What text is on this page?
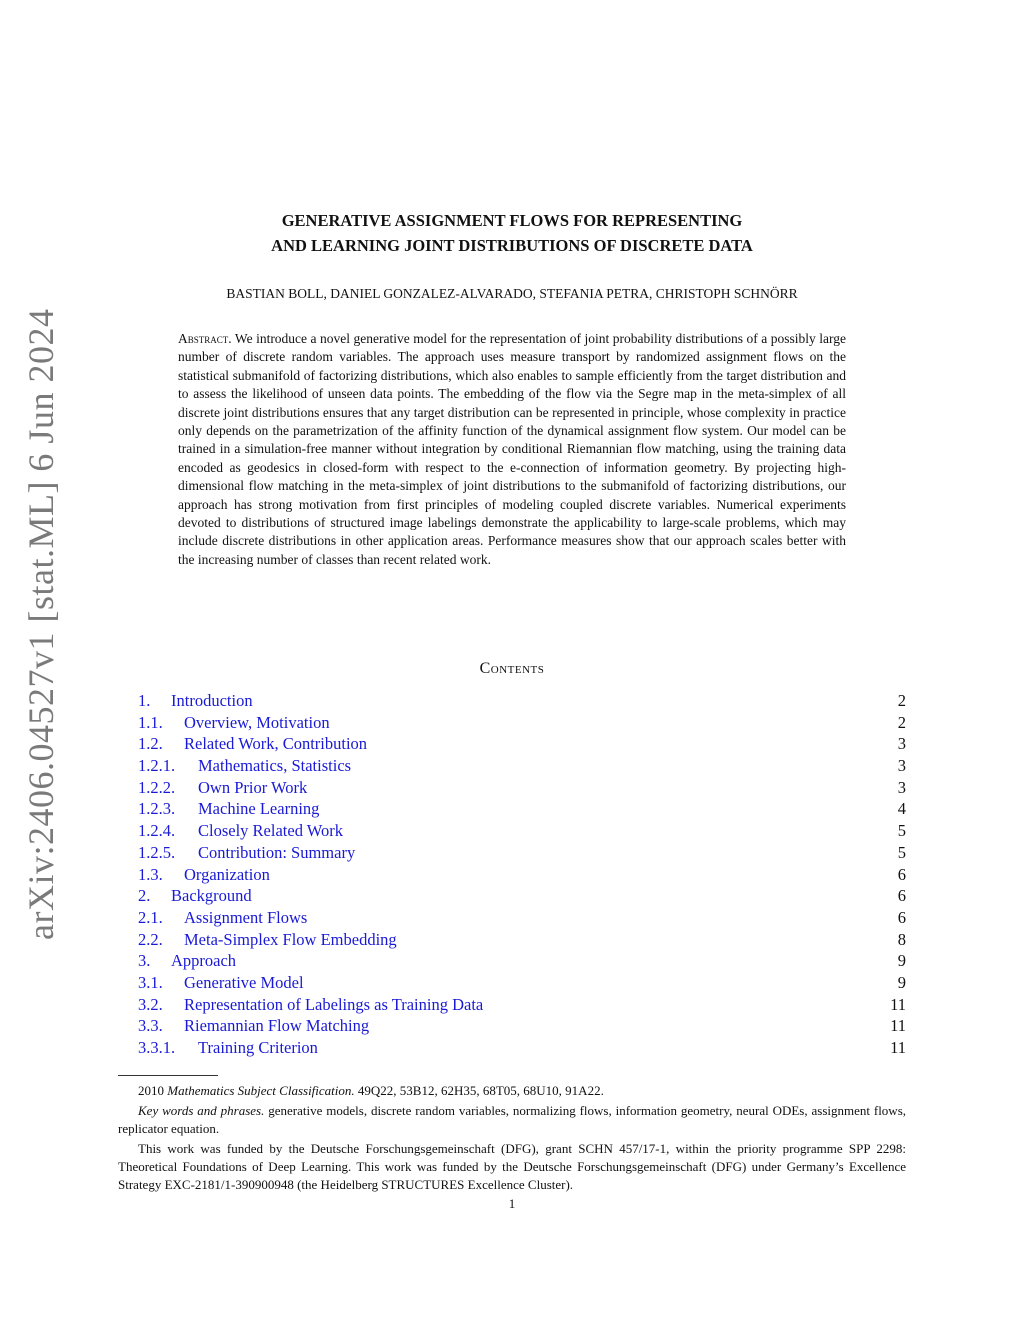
arXiv:2406.04527v1 [stat.ML] 6 Jun 2024
GENERATIVE ASSIGNMENT FLOWS FOR REPRESENTING
AND LEARNING JOINT DISTRIBUTIONS OF DISCRETE DATA
BASTIAN BOLL, DANIEL GONZALEZ-ALVARADO, STEFANIA PETRA, CHRISTOPH SCHNÖRR
Abstract. We introduce a novel generative model for the representation of joint probability distributions of a possibly large number of discrete random variables. The approach uses measure transport by randomized assignment flows on the statistical submanifold of factorizing distributions, which also enables to sample efficiently from the target distribution and to assess the likelihood of unseen data points. The embedding of the flow via the Segre map in the meta-simplex of all discrete joint distributions ensures that any target distribution can be represented in principle, whose complexity in practice only depends on the parametrization of the affinity function of the dynamical assignment flow system. Our model can be trained in a simulation-free manner without integration by conditional Riemannian flow matching, using the training data encoded as geodesics in closed-form with respect to the e-connection of information geometry. By projecting high-dimensional flow matching in the meta-simplex of joint distributions to the submanifold of factorizing distributions, our approach has strong motivation from first principles of modeling coupled discrete variables. Numerical experiments devoted to distributions of structured image labelings demonstrate the applicability to large-scale problems, which may include discrete distributions in other application areas. Performance measures show that our approach scales better with the increasing number of classes than recent related work.
Contents
1. Introduction	2
1.1. Overview, Motivation	2
1.2. Related Work, Contribution	3
1.2.1. Mathematics, Statistics	3
1.2.2. Own Prior Work	3
1.2.3. Machine Learning	4
1.2.4. Closely Related Work	5
1.2.5. Contribution: Summary	5
1.3. Organization	6
2. Background	6
2.1. Assignment Flows	6
2.2. Meta-Simplex Flow Embedding	8
3. Approach	9
3.1. Generative Model	9
3.2. Representation of Labelings as Training Data	11
3.3. Riemannian Flow Matching	11
3.3.1. Training Criterion	11

2010 Mathematics Subject Classification. 49Q22, 53B12, 62H35, 68T05, 68U10, 91A22.

Key words and phrases. generative models, discrete random variables, normalizing flows, information geometry, neural ODEs, assignment flows, replicator equation.

This work was funded by the Deutsche Forschungsgemeinschaft (DFG), grant SCHN 457/17-1, within the priority programme SPP 2298: Theoretical Foundations of Deep Learning. This work was funded by the Deutsche Forschungsgemeinschaft (DFG) under Germany’s Excellence Strategy EXC-2181/1-390900948 (the Heidelberg STRUCTURES Excellence Cluster).

1
